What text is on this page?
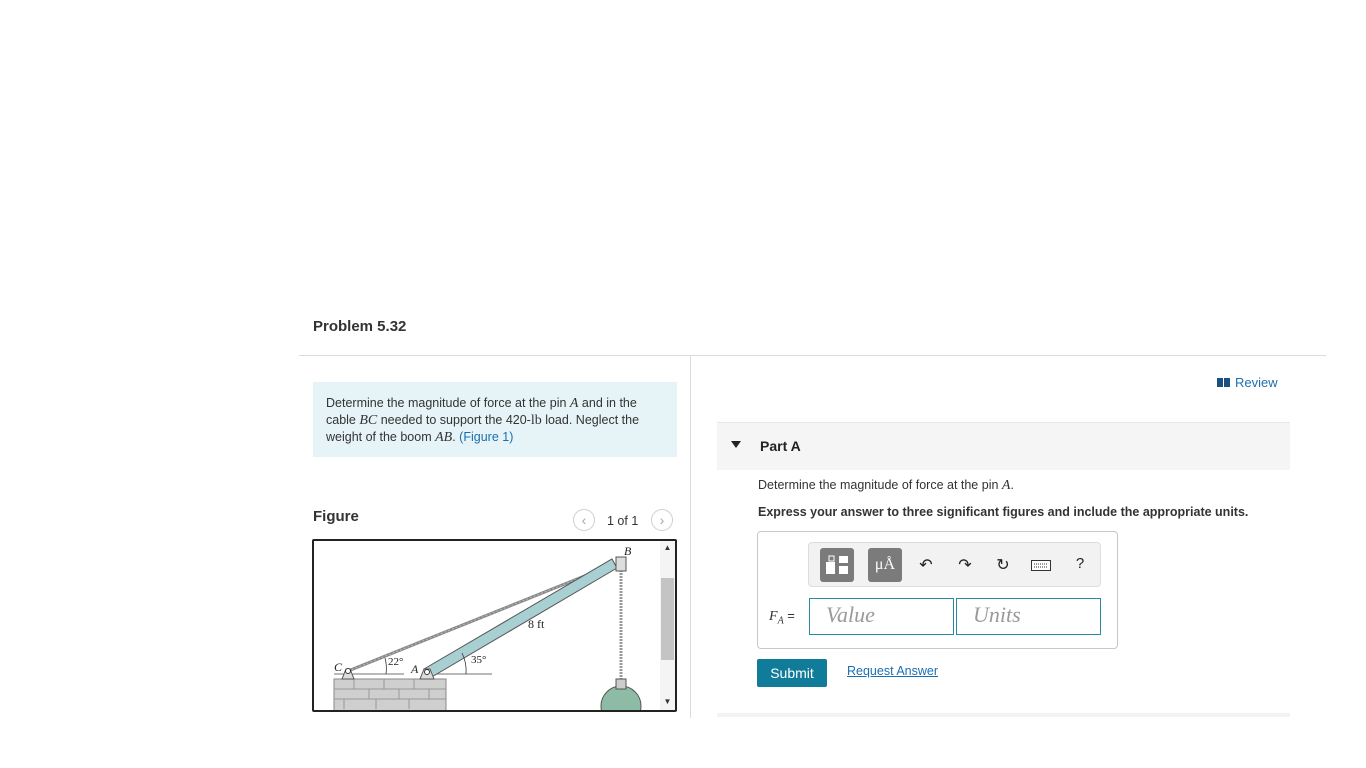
Problem 5.32
Determine the magnitude of force at the pin A and in the cable BC needed to support the 420-lb load. Neglect the weight of the boom AB. (Figure 1)
Figure	‹ 1 of 1 ›
B
C	A
8 ft
22°	35°
▲
▼
Review
Part A
Determine the magnitude of force at the pin A.
Express your answer to three significant figures and include the appropriate units.
μÅ ↶ ↷ ↻	?
$F_A$ =	Value	Units
Submit	Request Answer
